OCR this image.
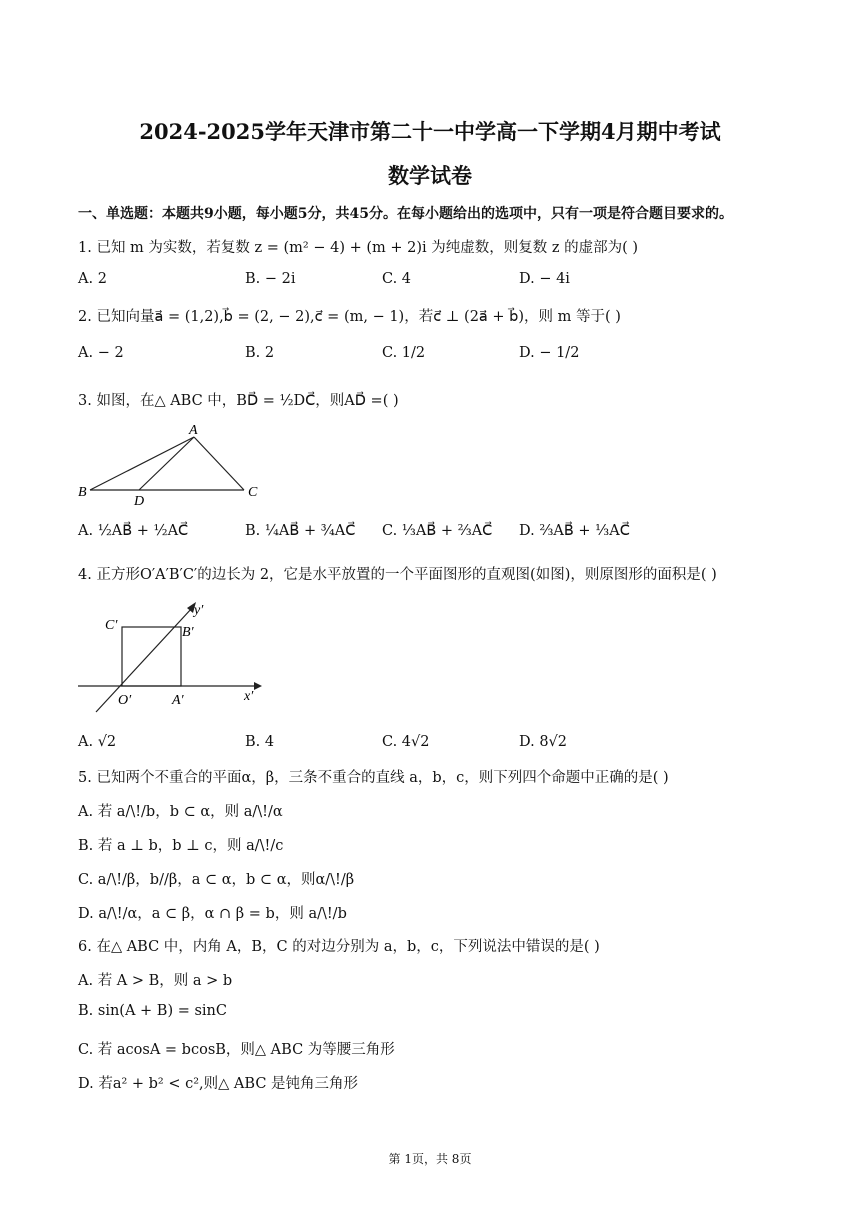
2024-2025学年天津市第二十一中学高一下学期4月期中考试
数学试卷
一、单选题：本题共9小题，每小题5分，共45分。在每小题给出的选项中，只有一项是符合题目要求的。
1. 已知 m 为实数，若复数 z = (m² − 4) + (m + 2)i 为纯虚数，则复数 z 的虚部为( )
A. 2	B. − 2i	C. 4	D. − 4i
2. 已知向量a⃗ = (1,2),b⃗ = (2, − 2),c⃗ = (m, − 1)，若c⃗ ⊥ (2a⃗ + b⃗)，则 m 等于( )
A. − 2	B. 2	C. 1/2	D. − 1/2
3. 如图，在△ ABC 中，BD⃗ = ½DC⃗，则AD⃗ =( )
A
B	C
D
A. ½AB⃗ + ½AC⃗	B. ¼AB⃗ + ¾AC⃗ C. ⅓AB⃗ + ⅔AC⃗ D. ⅔AB⃗ + ⅓AC⃗
4. 正方形O′A′B′C′的边长为 2，它是水平放置的一个平面图形的直观图(如图)，则原图形的面积是( )
y′
C′	B′
O′	A′	x′
A. √2	B. 4	C. 4√2	D. 8√2
5. 已知两个不重合的平面α，β，三条不重合的直线 a，b，c，则下列四个命题中正确的是( )
A. 若 a/\!/b，b ⊂ α，则 a/\!/α
B. 若 a ⊥ b，b ⊥ c，则 a/\!/c
C. a/\!/β，b//β，a ⊂ α，b ⊂ α，则α/\!/β
D. a/\!/α，a ⊂ β，α ∩ β = b，则 a/\!/b
6. 在△ ABC 中，内角 A，B，C 的对边分别为 a，b，c，下列说法中错误的是( )
A. 若 A > B，则 a > b
B. sin(A + B) = sinC
C. 若 acosA = bcosB，则△ ABC 为等腰三角形
D. 若a² + b² < c²,则△ ABC 是钝角三角形
第 1页，共 8页
